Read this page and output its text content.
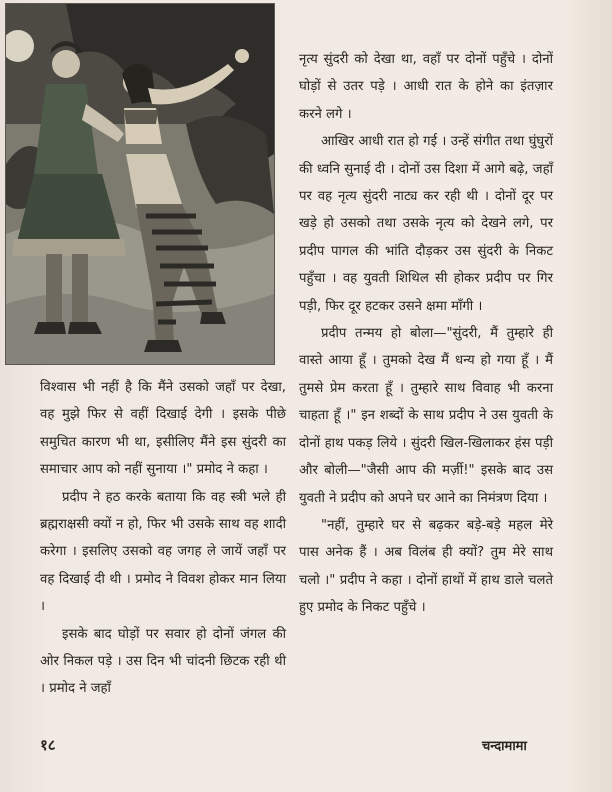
नृत्य सुंदरी को देखा था, वहाँ पर दोनों पहुँचे । दोनों घोड़ों से उतर पड़े । आधी रात के होने का इंतज़ार करने लगे ।

आखिर आधी रात हो गई । उन्हें संगीत तथा घुंघुरों की ध्वनि सुनाई दी । दोनों उस दिशा में आगे बढ़े, जहाँ पर वह नृत्य सुंदरी नाट्य कर रही थी । दोनों दूर पर खड़े हो उसको तथा उसके नृत्य को देखने लगे, पर प्रदीप पागल की भांति दौड़कर उस सुंदरी के निकट पहुँचा । वह युवती शिथिल सी होकर प्रदीप पर गिर पड़ी, फिर दूर हटकर उसने क्षमा माँगी ।

प्रदीप तन्मय हो बोला—"सुंदरी, मैं तुम्हारे ही वास्ते आया हूँ । तुमको देख मैं धन्य हो गया हूँ । मैं तुमसे प्रेम करता हूँ । तुम्हारे साथ विवाह भी करना चाहता हूँ ।" इन शब्दों के साथ प्रदीप ने उस युवती के दोनों हाथ पकड़ लिये । सुंदरी खिल-खिलाकर हंस पड़ी और बोली—"जैसी आप की मर्ज़ी!" इसके बाद उस युवती ने प्रदीप को अपने घर आने का निमंत्रण दिया ।

"नहीं, तुम्हारे घर से बढ़कर बड़े-बड़े महल मेरे पास अनेक हैं । अब विलंब ही क्यों? तुम मेरे साथ चलो ।" प्रदीप ने कहा । दोनों हाथों में हाथ डाले चलते हुए प्रमोद के निकट पहुँचे ।

विश्वास भी नहीं है कि मैंने उसको जहाँ पर देखा, वह मुझे फिर से वहीं दिखाई देगी । इसके पीछे समुचित कारण भी था, इसीलिए मैंने इस सुंदरी का समाचार आप को नहीं सुनाया ।" प्रमोद ने कहा ।

प्रदीप ने हठ करके बताया कि वह स्त्री भले ही ब्रह्मराक्षसी क्यों न हो, फिर भी उसके साथ वह शादी करेगा । इसलिए उसको वह जगह ले जायें जहाँ पर वह दिखाई दी थी । प्रमोद ने विवश होकर मान लिया ।

इसके बाद घोड़ों पर सवार हो दोनों जंगल की ओर निकल पड़े । उस दिन भी चांदनी छिटक रही थी । प्रमोद ने जहाँ

१८	चन्दामामा
